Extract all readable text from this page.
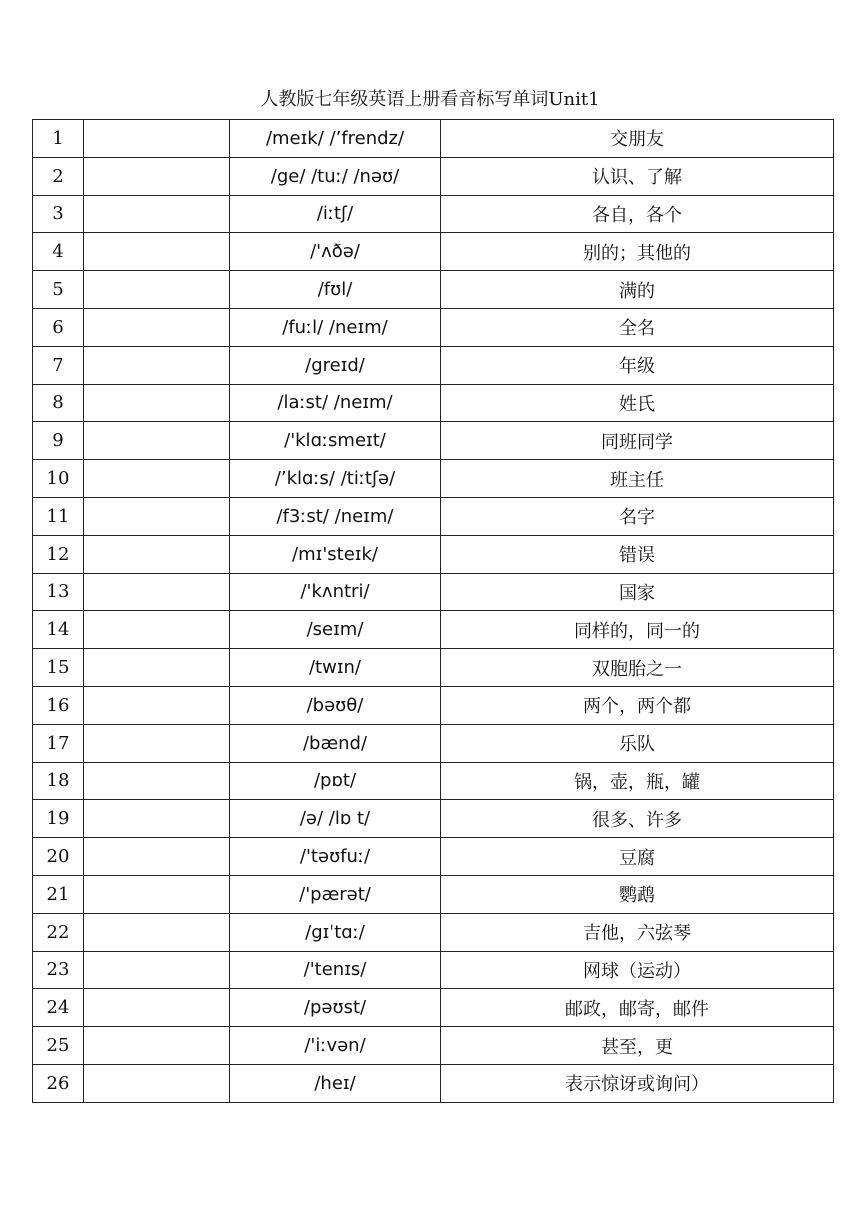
人教版七年级英语上册看音标写单词Unit1
1		/meɪk/ /’frendz/	交朋友
2		/ge/ /tuː/ /nəʊ/	认识、了解
3		/iːtʃ/	各自，各个
4		/'ʌðə/	别的；其他的
5		/fʊl/	满的
6		/fuːl/ /neɪm/	全名
7		/greɪd/	年级
8		/laːst/ /neɪm/	姓氏
9		/'klɑːsmeɪt/	同班同学
10		/’klɑːs/ /tiːtʃə/	班主任
11		/f3ːst/ /neɪm/	名字
12		/mɪ'steɪk/	错误
13		/'kʌntri/	国家
14		/seɪm/	同样的，同一的
15		/twɪn/	双胞胎之一
16		/bəʊθ/	两个，两个都
17		/bænd/	乐队
18		/pɒt/	锅，壶，瓶，罐
19		/ə/ /lɒ t/	很多、许多
20		/'təʊfuː/	豆腐
21		/'pærət/	鹦鹉
22		/gɪˈtɑː/	吉他，六弦琴
23		/'tenɪs/	网球（运动）
24		/pəʊst/	邮政，邮寄，邮件
25		/'iːvən/	甚至，更
26		/heɪ/	表示惊讶或询问）
